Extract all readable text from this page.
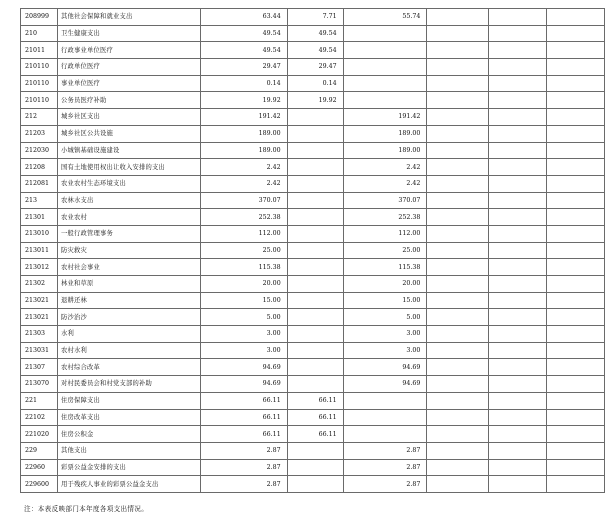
208999	其他社会保障和就业支出	63.44	7.71	55.74			
210	卫生健康支出	49.54	49.54				
21011	行政事业单位医疗	49.54	49.54				
210110	行政单位医疗	29.47	29.47				
210110	事业单位医疗	0.14	0.14				
210110	公务员医疗补助	19.92	19.92				
212	城乡社区支出	191.42		191.42			
21203	城乡社区公共设施	189.00		189.00			
212030	小城镇基础设施建设	189.00		189.00			
21208	国有土地使用权出让收入安排的支出	2.42		2.42			
212081	农业农村生态环境支出	2.42		2.42			
213	农林水支出	370.07		370.07			
21301	农业农村	252.38		252.38			
213010	一般行政管理事务	112.00		112.00			
213011	防灾救灾	25.00		25.00			
213012	农村社会事业	115.38		115.38			
21302	林业和草原	20.00		20.00			
213021	退耕还林	15.00		15.00			
213021	防沙治沙	5.00		5.00			
21303	水利	3.00		3.00			
213031	农村水利	3.00		3.00			
21307	农村综合改革	94.69		94.69			
213070	对村民委员会和村党支部的补助	94.69		94.69			
221	住房保障支出	66.11	66.11				
22102	住房改革支出	66.11	66.11				
221020	住房公积金	66.11	66.11				
229	其他支出	2.87		2.87			
22960	彩票公益金安排的支出	2.87		2.87			
229600	用于残疾人事业的彩票公益金支出	2.87		2.87			
注：本表反映部门本年度各项支出情况。
